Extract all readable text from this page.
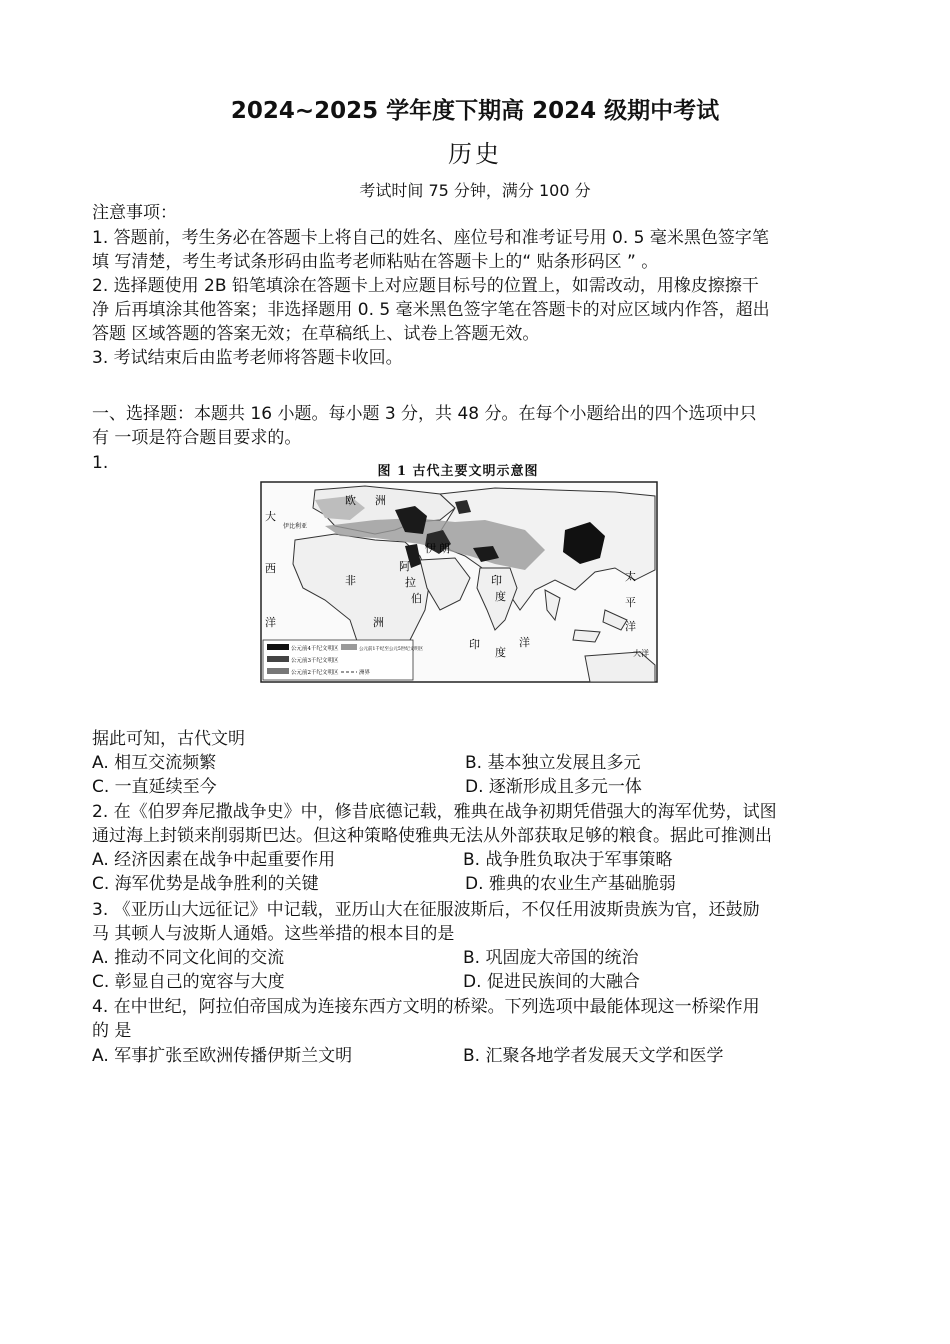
2024~2025 学年度下期高 2024 级期中考试
历史
考试时间 75 分钟，满分 100 分
注意事项：
1. 答题前，考生务必在答题卡上将自己的姓名、座位号和准考证号用 0. 5 毫米黑色签字笔
填 写清楚，考生考试条形码由监考老师粘贴在答题卡上的“ 贴条形码区 ” 。
2. 选择题使用 2B 铅笔填涂在答题卡上对应题目标号的位置上，如需改动，用橡皮擦擦干
净 后再填涂其他答案；非选择题用 0. 5 毫米黑色签字笔在答题卡的对应区域内作答，超出
答题 区域答题的答案无效；在草稿纸上、试卷上答题无效。
3. 考试结束后由监考老师将答题卡收回。
一、选择题：本题共 16 小题。每小题 3 分，共 48 分。在每个小题给出的四个选项中只
有 一项是符合题目要求的。
1.	图 1 古代主要文明示意图
公元前4千纪文明区
公元前3千纪文明区
公元前2千纪文明区
公元前1千纪至公元5世纪文明区
洲界
大
西
洋
洲
欧
伊比利亚
非
洲
阿
拉
伯
伊 朗
印
度
印
度
洋
太
平
洋
大洋
据此可知，古代文明
A. 相互交流频繁	B. 基本独立发展且多元
C. 一直延续至今	D. 逐渐形成且多元一体
2. 在《伯罗奔尼撒战争史》中，修昔底德记载，雅典在战争初期凭借强大的海军优势，试图
通过海上封锁来削弱斯巴达。但这种策略使雅典无法从外部获取足够的粮食。据此可推测出
A. 经济因素在战争中起重要作用	B. 战争胜负取决于军事策略
C. 海军优势是战争胜利的关键	D. 雅典的农业生产基础脆弱
3. 《亚历山大远征记》中记载，亚历山大在征服波斯后，不仅任用波斯贵族为官，还鼓励
马 其顿人与波斯人通婚。这些举措的根本目的是
A. 推动不同文化间的交流	B. 巩固庞大帝国的统治
C. 彰显自己的宽容与大度	D. 促进民族间的大融合
4. 在中世纪，阿拉伯帝国成为连接东西方文明的桥梁。下列选项中最能体现这一桥梁作用
的 是
A. 军事扩张至欧洲传播伊斯兰文明	B. 汇聚各地学者发展天文学和医学
